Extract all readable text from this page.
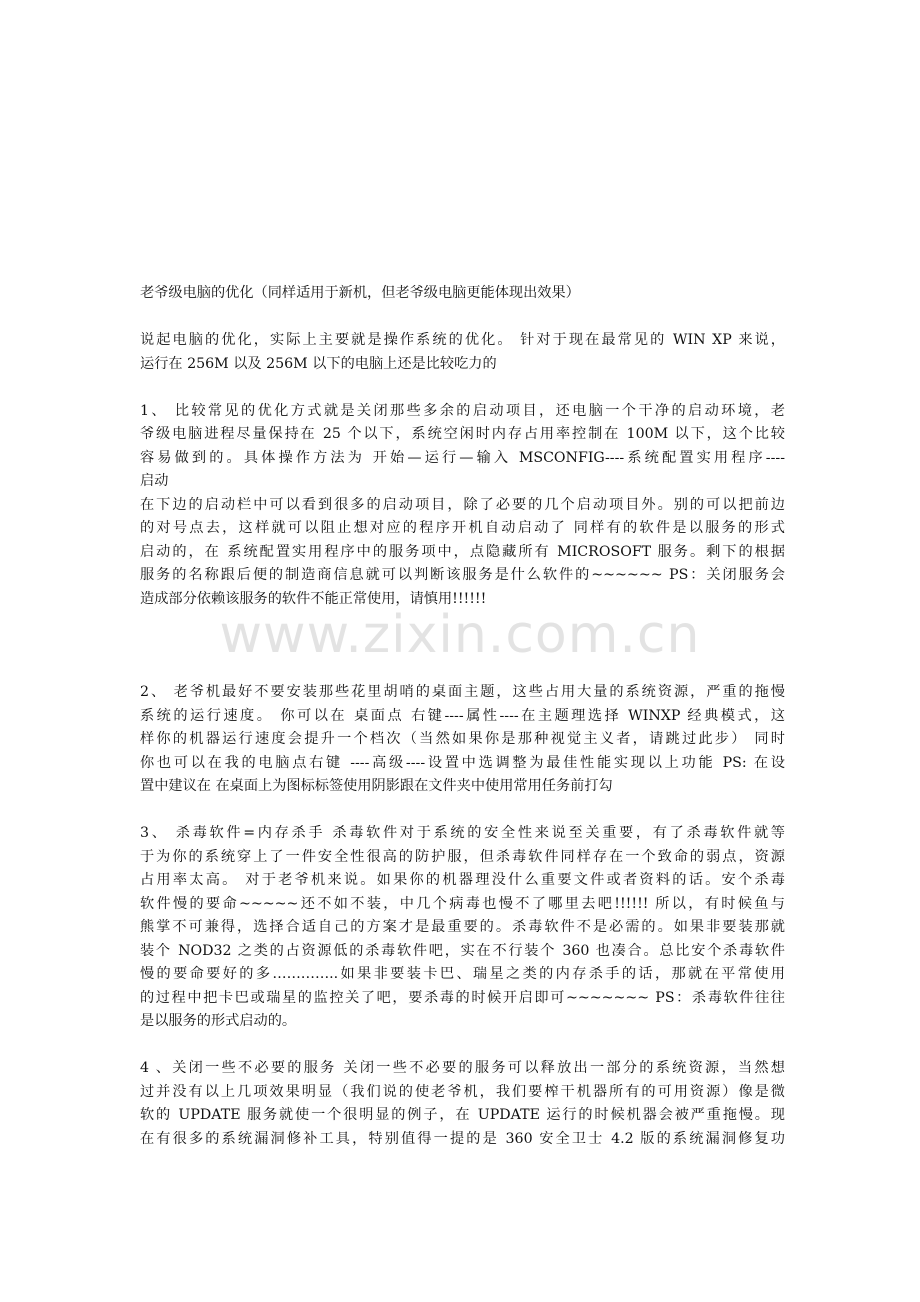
www.zixin.com.cn
老爷级电脑的优化（同样适用于新机，但老爷级电脑更能体现出效果）
说起电脑的优化，实际上主要就是操作系统的优化。 针对于现在最常见的 WIN XP 来说，
运行在 256M 以及 256M 以下的电脑上还是比较吃力的
1、 比较常见的优化方式就是关闭那些多余的启动项目，还电脑一个干净的启动环境，老
爷级电脑进程尽量保持在 25 个以下，系统空闲时内存占用率控制在 100M 以下，这个比较
容易做到的。具体操作方法为 开始—运行—输入 MSCONFIG----系统配置实用程序----
启动
在下边的启动栏中可以看到很多的启动项目，除了必要的几个启动项目外。别的可以把前边
的对号点去，这样就可以阻止想对应的程序开机自动启动了 同样有的软件是以服务的形式
启动的，在 系统配置实用程序中的服务项中，点隐藏所有 MICROSOFT 服务。剩下的根据
服务的名称跟后便的制造商信息就可以判断该服务是什么软件的~~~~~~ PS：关闭服务会
造成部分依赖该服务的软件不能正常使用，请慎用!!!!!!
2、 老爷机最好不要安装那些花里胡哨的桌面主题，这些占用大量的系统资源，严重的拖慢
系统的运行速度。 你可以在 桌面点 右键----属性----在主题理选择 WINXP 经典模式，这
样你的机器运行速度会提升一个档次（当然如果你是那种视觉主义者，请跳过此步） 同时
你也可以在我的电脑点右键 ----高级----设置中选调整为最佳性能实现以上功能 PS: 在设
置中建议在 在桌面上为图标标签使用阴影跟在文件夹中使用常用任务前打勾
3、 杀毒软件=内存杀手 杀毒软件对于系统的安全性来说至关重要，有了杀毒软件就等
于为你的系统穿上了一件安全性很高的防护服，但杀毒软件同样存在一个致命的弱点，资源
占用率太高。 对于老爷机来说。如果你的机器理没什么重要文件或者资料的话。安个杀毒
软件慢的要命~~~~~还不如不装，中几个病毒也慢不了哪里去吧!!!!!! 所以，有时候鱼与
熊掌不可兼得，选择合适自己的方案才是最重要的。杀毒软件不是必需的。如果非要装那就
装个 NOD32 之类的占资源低的杀毒软件吧，实在不行装个 360 也凑合。总比安个杀毒软件
慢的要命要好的多…………..如果非要装卡巴、瑞星之类的内存杀手的话，那就在平常使用
的过程中把卡巴或瑞星的监控关了吧，要杀毒的时候开启即可~~~~~~~ PS：杀毒软件往往
是以服务的形式启动的。
4 、关闭一些不必要的服务 关闭一些不必要的服务可以释放出一部分的系统资源，当然想
过并没有以上几项效果明显（我们说的使老爷机，我们要榨干机器所有的可用资源）像是微
软的 UPDATE 服务就使一个很明显的例子，在 UPDATE 运行的时候机器会被严重拖慢。现
在有很多的系统漏洞修补工具，特别值得一提的是 360 安全卫士 4.2 版的系统漏洞修复功
